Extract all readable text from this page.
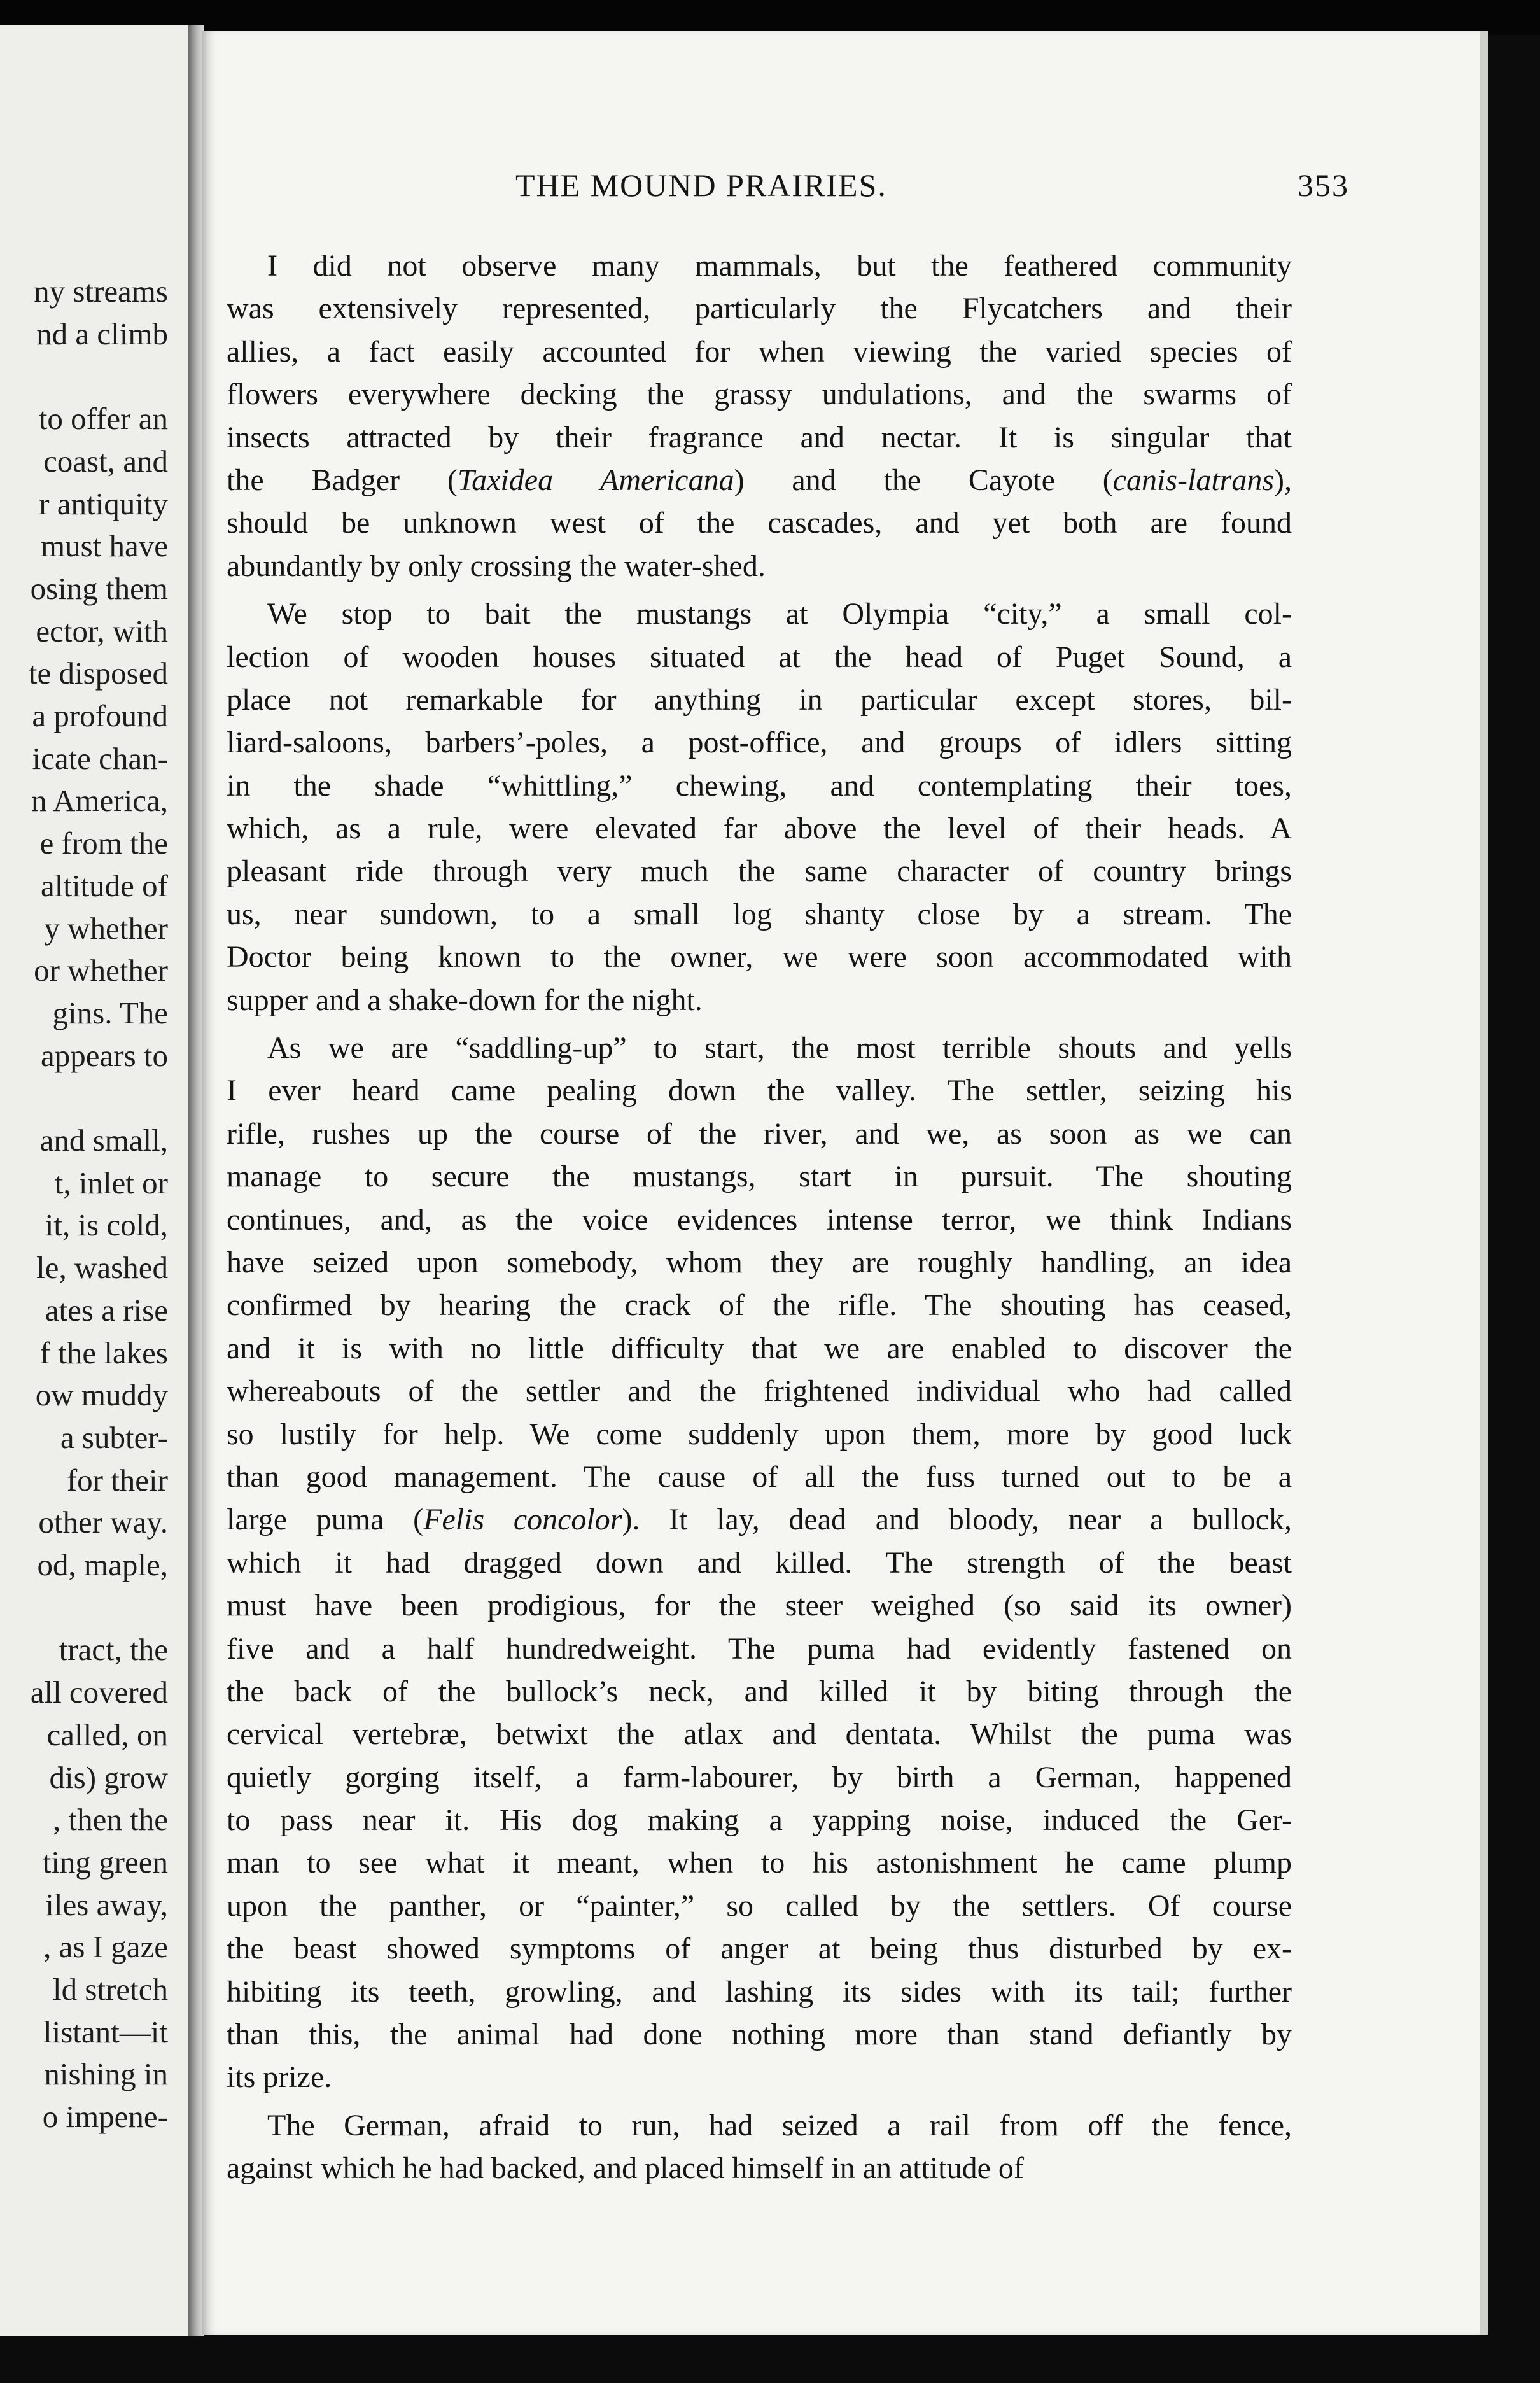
ny streams
nd a climb
to offer an
coast, and
r antiquity
must have
osing them
ector, with
te disposed
a profound
icate chan-
n America,
e from the
altitude of
y whether
or whether
gins. The
appears to
and small,
t, inlet or
it, is cold,
le, washed
ates a rise
f the lakes
ow muddy
a subter-
for their
other way.
od, maple,
tract, the
all covered
called, on
dis) grow
, then the
ting green
iles away,
, as I gaze
ld stretch
listant—it
nishing in
o impene-
THE MOUND PRAIRIES.	353
I did not observe many mammals, but the feathered community
was extensively represented, particularly the Flycatchers and their
allies, a fact easily accounted for when viewing the varied species of
flowers everywhere decking the grassy undulations, and the swarms of
insects attracted by their fragrance and nectar. It is singular that
the Badger (Taxidea Americana) and the Cayote (canis-latrans),
should be unknown west of the cascades, and yet both are found
abundantly by only crossing the water-shed.
We stop to bait the mustangs at Olympia “city,” a small col-
lection of wooden houses situated at the head of Puget Sound, a
place not remarkable for anything in particular except stores, bil-
liard-saloons, barbers’-poles, a post-office, and groups of idlers sitting
in the shade “whittling,” chewing, and contemplating their toes,
which, as a rule, were elevated far above the level of their heads. A
pleasant ride through very much the same character of country brings
us, near sundown, to a small log shanty close by a stream. The
Doctor being known to the owner, we were soon accommodated with
supper and a shake-down for the night.
As we are “saddling-up” to start, the most terrible shouts and yells
I ever heard came pealing down the valley. The settler, seizing his
rifle, rushes up the course of the river, and we, as soon as we can
manage to secure the mustangs, start in pursuit. The shouting
continues, and, as the voice evidences intense terror, we think Indians
have seized upon somebody, whom they are roughly handling, an idea
confirmed by hearing the crack of the rifle. The shouting has ceased,
and it is with no little difficulty that we are enabled to discover the
whereabouts of the settler and the frightened individual who had called
so lustily for help. We come suddenly upon them, more by good luck
than good management. The cause of all the fuss turned out to be a
large puma (Felis concolor). It lay, dead and bloody, near a bullock,
which it had dragged down and killed. The strength of the beast
must have been prodigious, for the steer weighed (so said its owner)
five and a half hundredweight. The puma had evidently fastened on
the back of the bullock’s neck, and killed it by biting through the
cervical vertebræ, betwixt the atlax and dentata. Whilst the puma was
quietly gorging itself, a farm-labourer, by birth a German, happened
to pass near it. His dog making a yapping noise, induced the Ger-
man to see what it meant, when to his astonishment he came plump
upon the panther, or “painter,” so called by the settlers. Of course
the beast showed symptoms of anger at being thus disturbed by ex-
hibiting its teeth, growling, and lashing its sides with its tail; further
than this, the animal had done nothing more than stand defiantly by
its prize.
The German, afraid to run, had seized a rail from off the fence,
against which he had backed, and placed himself in an attitude of
